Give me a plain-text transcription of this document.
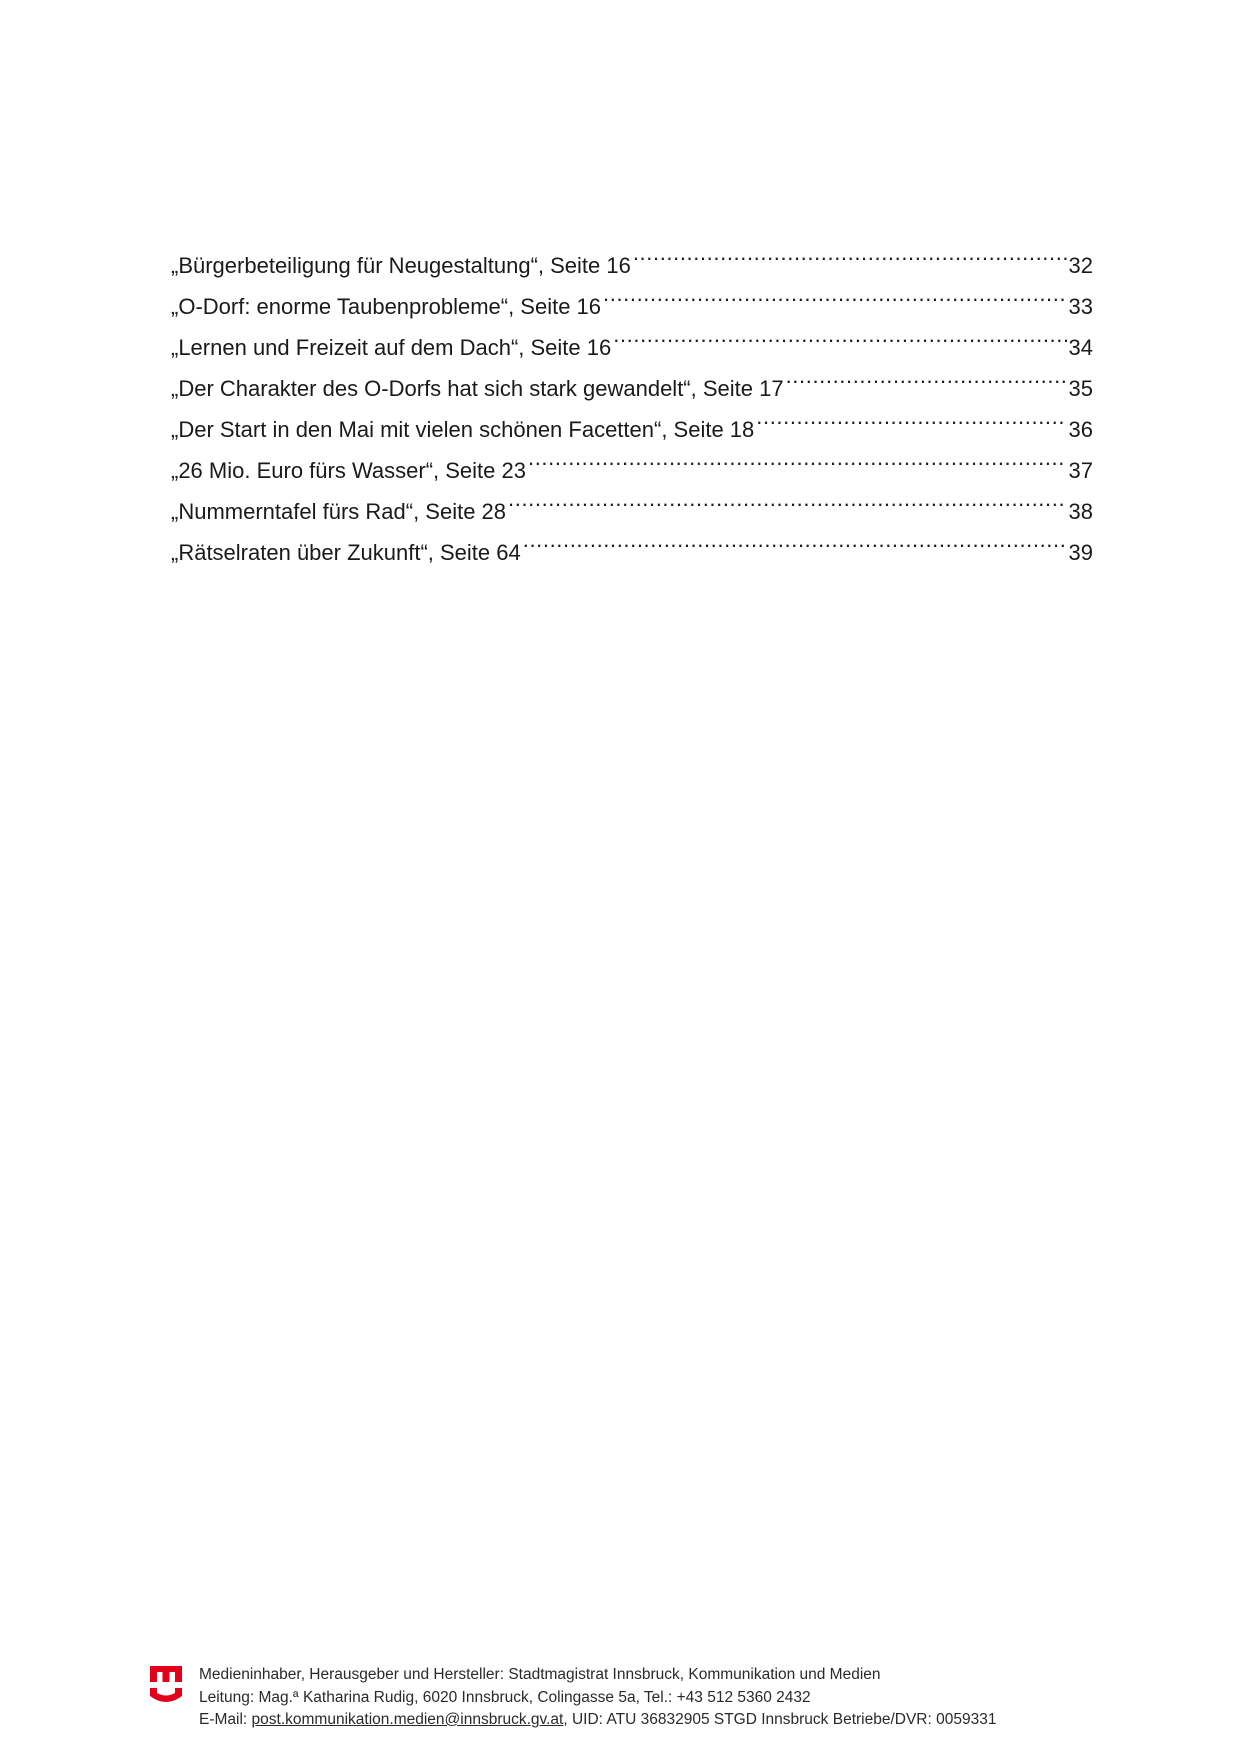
„Bürgerbeteiligung für Neugestaltung“, Seite 16 .....	32
„O-Dorf: enorme Taubenprobleme“, Seite 16 .....	33
„Lernen und Freizeit auf dem Dach“, Seite 16 .....	34
„Der Charakter des O-Dorfs hat sich stark gewandelt“, Seite 17 .....	35
„Der Start in den Mai mit vielen schönen Facetten“, Seite 18 .....	36
„26 Mio. Euro fürs Wasser“, Seite 23 .....	37
„Nummerntafel fürs Rad“, Seite 28 .....	38
„Rätselraten über Zukunft“, Seite 64 .....	39
Medieninhaber, Herausgeber und Hersteller: Stadtmagistrat Innsbruck, Kommunikation und Medien
Leitung: Mag.ª Katharina Rudig, 6020 Innsbruck, Colingasse 5a, Tel.: +43 512 5360 2432
E-Mail: post.kommunikation.medien@innsbruck.gv.at, UID: ATU 36832905 STGD Innsbruck Betriebe/DVR: 0059331
